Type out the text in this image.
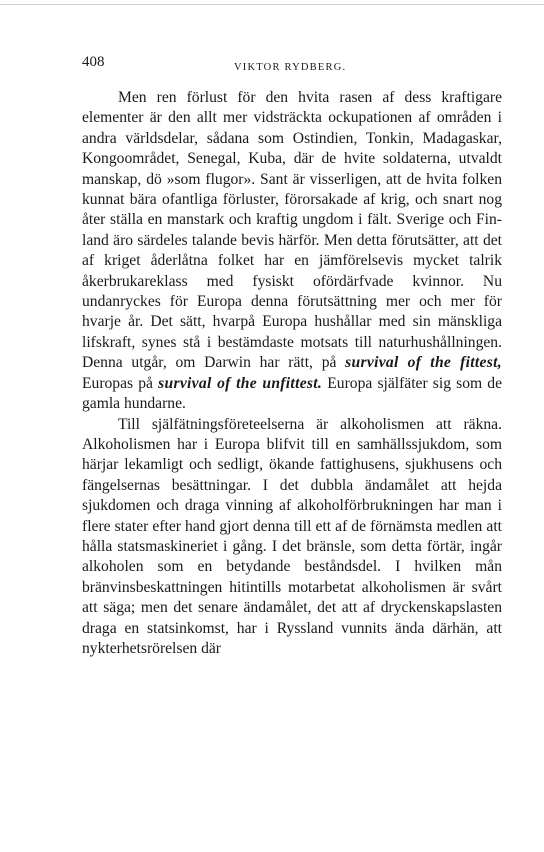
408	VIKTOR RYDBERG.

Men ren förlust för den hvita rasen af dess kraftigare elementer är den allt mer vidsträckta ockupationen af områden i andra världsdelar, sådana som Ostindien, Tonkin, Madagaskar, Kongoområdet, Senegal, Kuba, där de hvite soldaterna, utvaldt manskap, dö »som flugor». Sant är visserligen, att de hvita folken kunnat bära ofantliga förluster, förorsakade af krig, och snart nog åter ställa en manstark och kraftig ungdom i fält. Sverige och Finland äro särdeles talande bevis härför. Men detta förutsätter, att det af kriget åderlåtna folket har en jämförelsevis mycket talrik åkerbrukareklass med fysiskt ofördärfvade kvinnor. Nu undanryckes för Europa denna förutsättning mer och mer för hvarje år. Det sätt, hvarpå Europa hushållar med sin mänskliga lifskraft, synes stå i bestämdaste motsats till naturhushållningen. Denna utgår, om Darwin har rätt, på survival of the fittest, Europas på survival of the unfittest. Europa själfäter sig som de gamla hundarne.

Till själfätningsföreteelserna är alkoholismen att räkna. Alkoholismen har i Europa blifvit till en samhällssjukdom, som härjar lekamligt och sedligt, ökande fattighusens, sjukhusens och fängelsernas besättningar. I det dubbla ändamålet att hejda sjukdomen och draga vinning af alkoholförbrukningen har man i flere stater efter hand gjort denna till ett af de förnämsta medlen att hålla statsmaskineriet i gång. I det bränsle, som detta förtär, ingår alkoholen som en betydande beståndsdel. I hvilken mån bränvinsbeskattningen hitintills motarbetat alkoholismen är svårt att säga; men det senare ändamålet, det att af dryckenskapslasten draga en statsinkomst, har i Ryssland vunnits ända därhän, att nykterhetsrörelsen där
